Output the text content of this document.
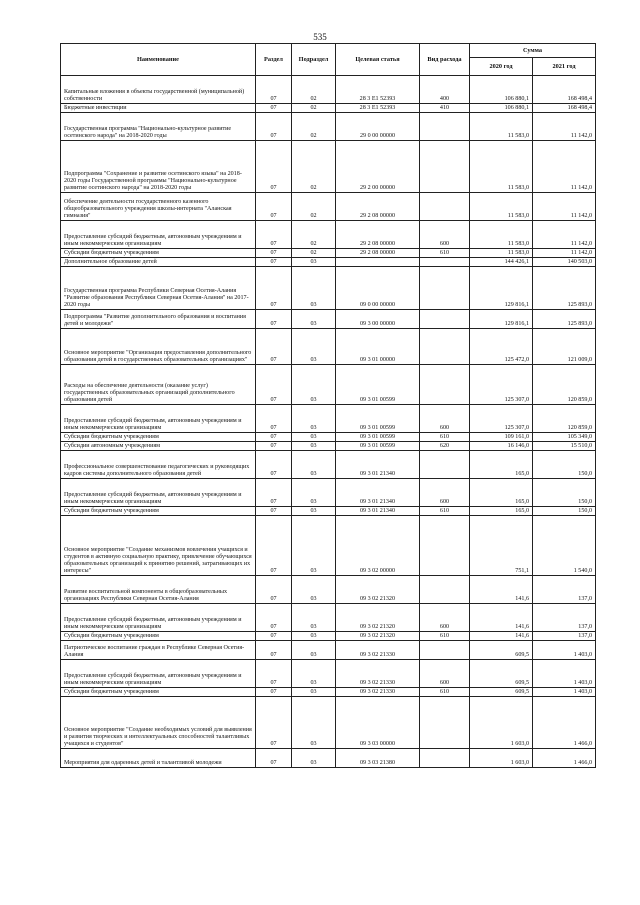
535
Наименование	Раздел	Подраздел	Целевая статья	Вид расхода	Сумма	
					2020 год	2021 год
Капитальные вложения в объекты государственной (муниципальной) собственности	07	02	28 3 E1 52393	400	106 880,1	168 498,4
Бюджетные инвестиции	07	02	28 3 E1 52393	410	106 880,1	168 498,4
Государственная программа "Национально-культурное развитие осетинского народа" на 2018-2020 годы	07	02	29 0 00 00000		11 583,0	11 142,0
Подпрограмма "Сохранение и развитие осетинского языка" на 2018-2020 годы Государственной программы "Национально-культурное развитие осетинского народа" на 2018-2020 годы	07	02	29 2 00 00000		11 583,0	11 142,0
Обеспечение деятельности государственного казенного общеобразовательного учреждения школы-интерната "Аланская гимназия"	07	02	29 2 08 00000		11 583,0	11 142,0
Предоставление субсидий бюджетным, автономным учреждениям и иным некоммерческим организациям	07	02	29 2 08 00000	600	11 583,0	11 142,0
Субсидии бюджетным учреждениям	07	02	29 2 08 00000	610	11 583,0	11 142,0
Дополнительное образование детей	07	03			144 426,1	140 503,0
Государственная программа Республики Северная Осетия-Алания "Развитие образования Республики Северная Осетия-Алания" на 2017-2020 годы	07	03	09 0 00 00000		129 816,1	125 893,0
Подпрограмма "Развитие дополнительного образования и воспитания детей и молодежи"	07	03	09 3 00 00000		129 816,1	125 893,0
Основное мероприятие "Организация предоставления дополнительного образования детей в государственных образовательных организациях"	07	03	09 3 01 00000		125 472,0	121 009,0
Расходы на обеспечение деятельности (оказание услуг) государственных образовательных организаций дополнительного образования детей	07	03	09 3 01 00599		125 307,0	120 859,0
Предоставление субсидий бюджетным, автономным учреждениям и иным некоммерческим организациям	07	03	09 3 01 00599	600	125 307,0	120 859,0
Субсидии бюджетным учреждениям	07	03	09 3 01 00599	610	109 161,0	105 349,0
Субсидии автономным учреждениям	07	03	09 3 01 00599	620	16 146,0	15 510,0
Профессиональное совершенствование педагогических и руководящих кадров системы дополнительного образования детей	07	03	09 3 01 21340		165,0	150,0
Предоставление субсидий бюджетным, автономным учреждениям и иным некоммерческим организациям	07	03	09 3 01 21340	600	165,0	150,0
Субсидии бюджетным учреждениям	07	03	09 3 01 21340	610	165,0	150,0
Основное мероприятие "Создание механизмов вовлечения учащихся и студентов в активную социальную практику, привлечение обучающихся образовательных организаций к принятию решений, затрагивающих их интересы"	07	03	09 3 02 00000		751,1	1 540,0
Развитие воспитательной компоненты в общеобразовательных организациях Республики Северная Осетия-Алания	07	03	09 3 02 21320		141,6	137,0
Предоставление субсидий бюджетным, автономным учреждениям и иным некоммерческим организациям	07	03	09 3 02 21320	600	141,6	137,0
Субсидии бюджетным учреждениям	07	03	09 3 02 21320	610	141,6	137,0
Патриотическое воспитание граждан в Республике Северная Осетия-Алания	07	03	09 3 02 21330		609,5	1 403,0
Предоставление субсидий бюджетным, автономным учреждениям и иным некоммерческим организациям	07	03	09 3 02 21330	600	609,5	1 403,0
Субсидии бюджетным учреждениям	07	03	09 3 02 21330	610	609,5	1 403,0
Основное мероприятие "Создание необходимых условий для выявления и развития творческих и интеллектуальных способностей талантливых учащихся и студентов"	07	03	09 3 03 00000		1 603,0	1 466,0
Мероприятия для одаренных детей и талантливой молодежи	07	03	09 3 03 21380		1 603,0	1 466,0
